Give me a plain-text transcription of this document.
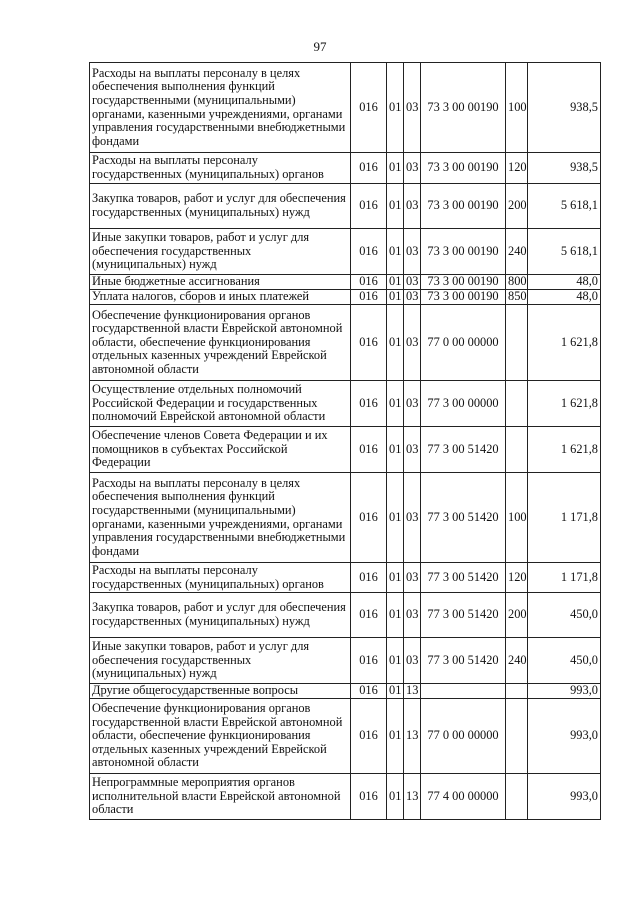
97
Расходы на выплаты персоналу в целях обеспечения выполнения функций государственными (муниципальными) органами, казенными учреждениями, органами управления государственными внебюджетными фондами	016	01	03	73 3 00 00190	100	938,5
Расходы на выплаты персоналу государственных (муниципальных) органов	016	01	03	73 3 00 00190	120	938,5
Закупка товаров, работ и услуг для обеспечения государственных (муниципальных) нужд	016	01	03	73 3 00 00190	200	5 618,1
Иные закупки товаров, работ и услуг для обеспечения государственных (муниципальных) нужд	016	01	03	73 3 00 00190	240	5 618,1
Иные бюджетные ассигнования	016	01	03	73 3 00 00190	800	48,0
Уплата налогов, сборов и иных платежей	016	01	03	73 3 00 00190	850	48,0
Обеспечение функционирования органов государственной власти Еврейской автономной области, обеспечение функционирования отдельных казенных учреждений Еврейской автономной области	016	01	03	77 0 00 00000		1 621,8
Осуществление отдельных полномочий Российской Федерации и государственных полномочий Еврейской автономной области	016	01	03	77 3 00 00000		1 621,8
Обеспечение членов Совета Федерации и их помощников в субъектах Российской Федерации	016	01	03	77 3 00 51420		1 621,8
Расходы на выплаты персоналу в целях обеспечения выполнения функций государственными (муниципальными) органами, казенными учреждениями, органами управления государственными внебюджетными фондами	016	01	03	77 3 00 51420	100	1 171,8
Расходы на выплаты персоналу государственных (муниципальных) органов	016	01	03	77 3 00 51420	120	1 171,8
Закупка товаров, работ и услуг для обеспечения государственных (муниципальных) нужд	016	01	03	77 3 00 51420	200	450,0
Иные закупки товаров, работ и услуг для обеспечения государственных (муниципальных) нужд	016	01	03	77 3 00 51420	240	450,0
Другие общегосударственные вопросы	016	01	13			993,0
Обеспечение функционирования органов государственной власти Еврейской автономной области, обеспечение функционирования отдельных казенных учреждений Еврейской автономной области	016	01	13	77 0 00 00000		993,0
Непрограммные мероприятия органов исполнительной власти Еврейской автономной области	016	01	13	77 4 00 00000		993,0
